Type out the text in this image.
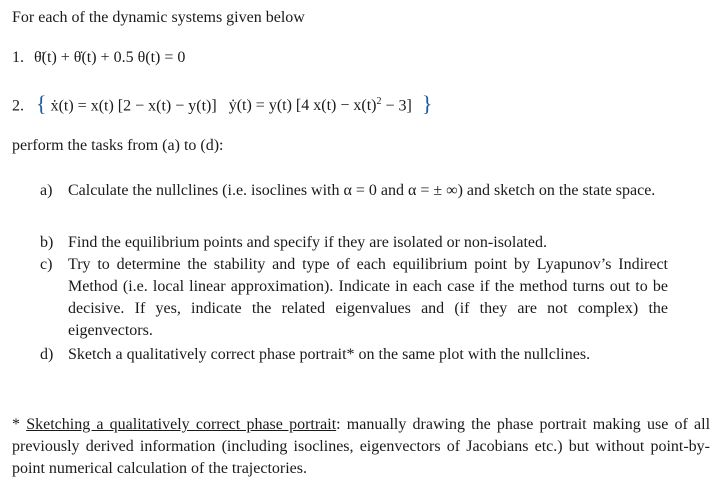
For each of the dynamic systems given below
1. θ̈(t) + θ̇(t) + 0.5 θ(t) = 0
2. { ẋ(t) = x(t) [2 − x(t) − y(t)] ẏ(t) = y(t) [4 $x(t) - x(t)^2 - 3$] }
perform the tasks from (a) to (d):
a) Calculate the nullclines (i.e. isoclines with α = 0 and α = ± ∞) and sketch on the state space.
b) Find the equilibrium points and specify if they are isolated or non-isolated.
c) Try to determine the stability and type of each equilibrium point by Lyapunov’s Indirect Method (i.e. local linear approximation). Indicate in each case if the method turns out to be decisive. If yes, indicate the related eigenvalues and (if they are not complex) the eigenvectors.
d) Sketch a qualitatively correct phase portrait* on the same plot with the nullclines.
* Sketching a qualitatively correct phase portrait: manually drawing the phase portrait making use of all previously derived information (including isoclines, eigenvectors of Jacobians etc.) but without point-by-point numerical calculation of the trajectories.
